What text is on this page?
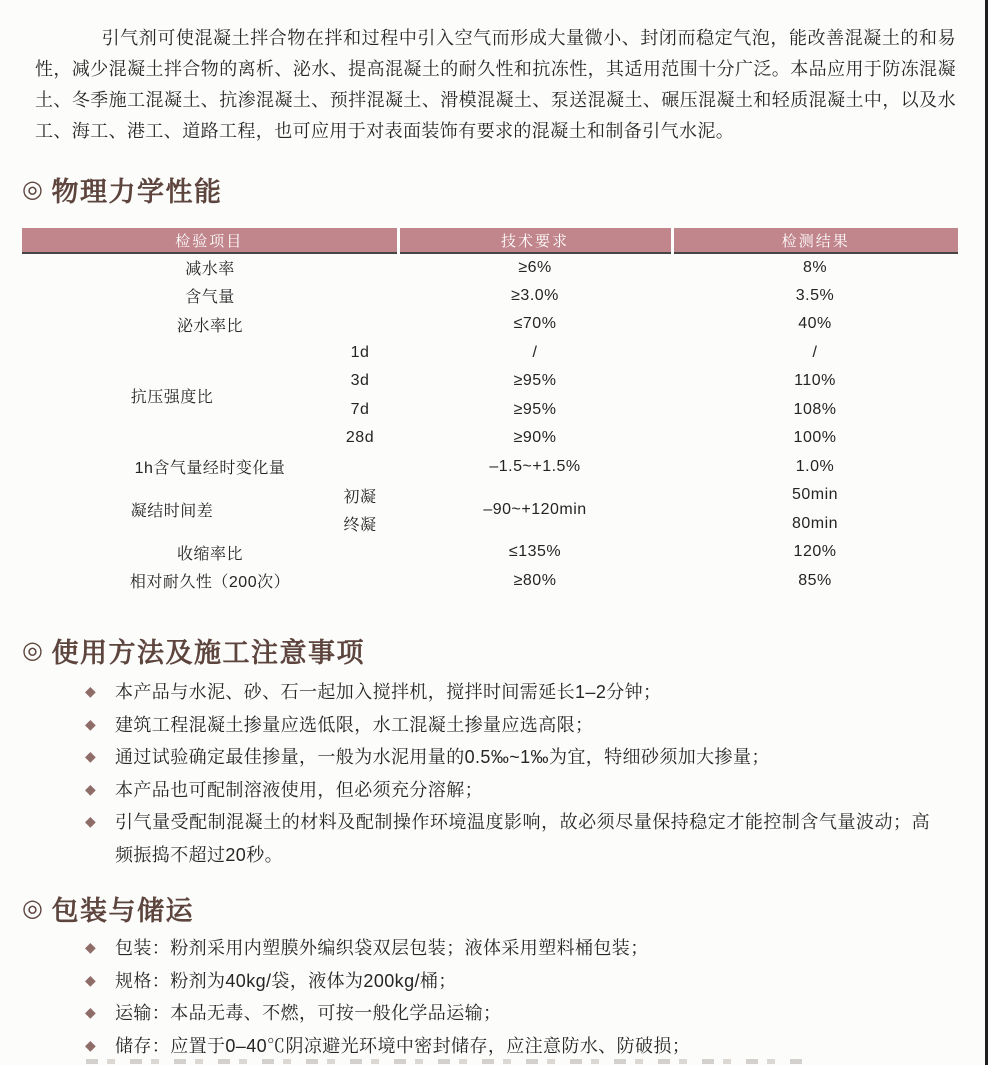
引气剂可使混凝土拌合物在拌和过程中引入空气而形成大量微小、封闭而稳定气泡，能改善混凝土的和易性，减少混凝土拌合物的离析、泌水、提高混凝土的耐久性和抗冻性，其适用范围十分广泛。本品应用于防冻混凝土、冬季施工混凝土、抗渗混凝土、预拌混凝土、滑模混凝土、泵送混凝土、碾压混凝土和轻质混凝土中，以及水工、海工、港工、道路工程，也可应用于对表面装饰有要求的混凝土和制备引气水泥。

◎ 物理力学性能
检验项目		技术要求	检测结果
减水率		≥6%	8%
含气量		≥3.0%	3.5%
泌水率比		≤70%	40%
抗压强度比	1d	/	/
	3d	≥95%	110%
	7d	≥95%	108%
	28d	≥90%	100%
1h含气量经时变化量		–1.5~+1.5%	1.0%
凝结时间差	初凝	–90~+120min	50min
	终凝		80min
收缩率比		≤135%	120%
相对耐久性（200次）		≥80%	85%
◎ 使用方法及施工注意事项
◆	本产品与水泥、砂、石一起加入搅拌机，搅拌时间需延长1–2分钟；
◆	建筑工程混凝土掺量应选低限，水工混凝土掺量应选高限；
◆	通过试验确定最佳掺量，一般为水泥用量的0.5‰~1‰为宜，特细砂须加大掺量；
◆	本产品也可配制溶液使用，但必须充分溶解；
◆	引气量受配制混凝土的材料及配制操作环境温度影响，故必须尽量保持稳定才能控制含气量波动；高频振捣不超过20秒。
◎ 包装与储运
◆	包装：粉剂采用内塑膜外编织袋双层包装；液体采用塑料桶包装；
◆	规格：粉剂为40kg/袋，液体为200kg/桶；
◆	运输：本品无毒、不燃，可按一般化学品运输；
◆	储存：应置于0–40℃阴凉避光环境中密封储存，应注意防水、防破损；
